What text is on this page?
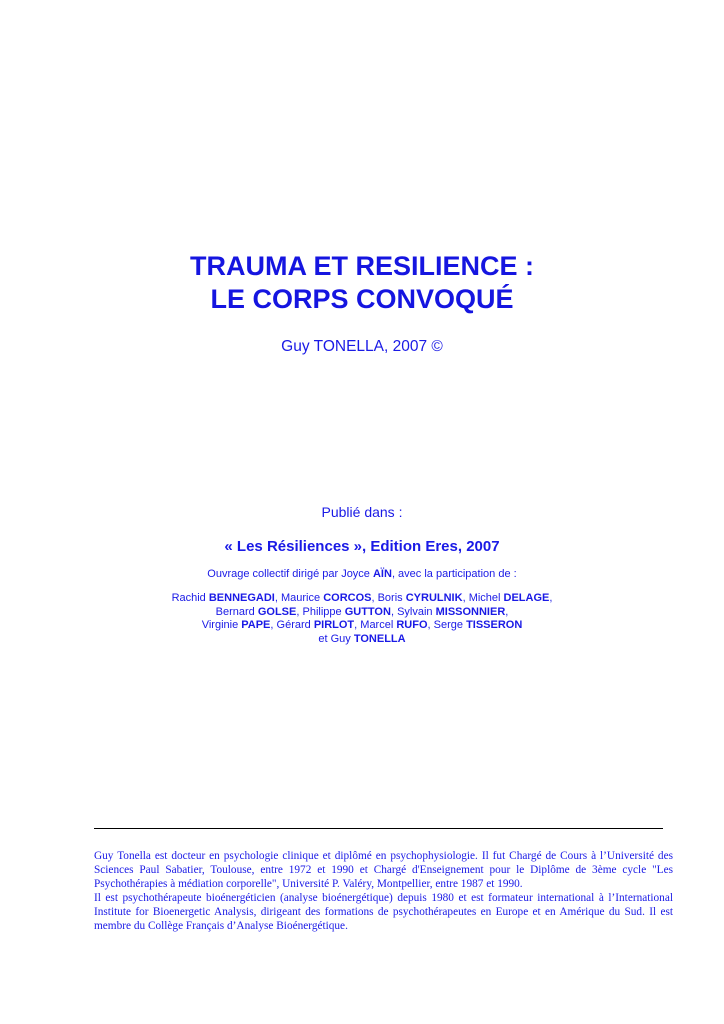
TRAUMA ET RESILIENCE :
LE CORPS CONVOQUÉ
Guy TONELLA, 2007 ©
Publié dans :
« Les Résiliences », Edition Eres, 2007
Ouvrage collectif dirigé par Joyce AÏN, avec la participation de :
Rachid BENNEGADI, Maurice CORCOS, Boris CYRULNIK, Michel DELAGE,
Bernard GOLSE, Philippe GUTTON, Sylvain MISSONNIER,
Virginie PAPE, Gérard PIRLOT, Marcel RUFO, Serge TISSERON
et Guy TONELLA

Guy Tonella est docteur en psychologie clinique et diplômé en psychophysiologie. Il fut Chargé de Cours à l’Université des Sciences Paul Sabatier, Toulouse, entre 1972 et 1990 et Chargé d'Enseignement pour le Diplôme de 3ème cycle "Les Psychothérapies à médiation corporelle", Université P. Valéry, Montpellier, entre 1987 et 1990.

Il est psychothérapeute bioénergéticien (analyse bioénergétique) depuis 1980 et est formateur international à l’International Institute for Bioenergetic Analysis, dirigeant des formations de psychothérapeutes en Europe et en Amérique du Sud. Il est membre du Collège Français d’Analyse Bioénergétique.
